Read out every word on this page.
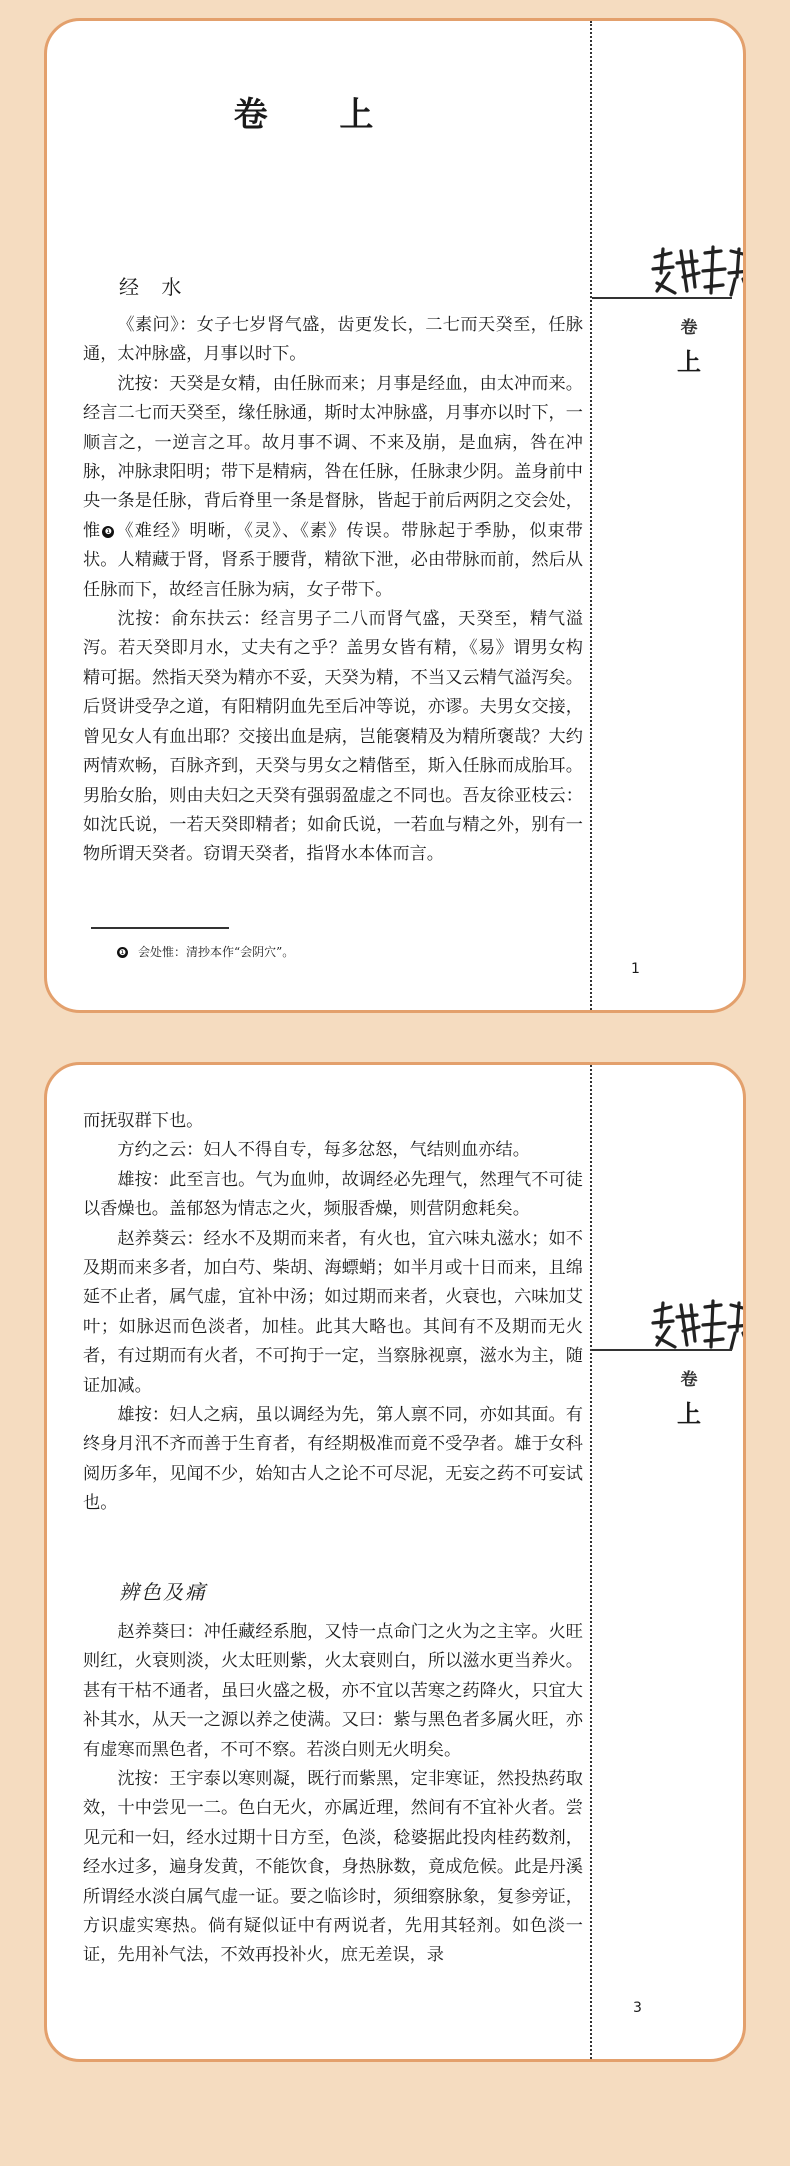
卷
上
卷 上
经 水

《素问》：女子七岁肾气盛，齿更发长，二七而天癸至，任脉通，太冲脉盛，月事以时下。

沈按：天癸是女精，由任脉而来；月事是经血，由太冲而来。经言二七而天癸至，缘任脉通，斯时太冲脉盛，月事亦以时下，一顺言之，一逆言之耳。故月事不调、不来及崩，是血病，咎在冲脉，冲脉隶阳明；带下是精病，咎在任脉，任脉隶少阴。盖身前中央一条是任脉，背后脊里一条是督脉，皆起于前后两阴之交会处，惟 ❶ 《难经》明晰，《灵》、《素》传误。带脉起于季胁，似束带状。人精藏于肾，肾系于腰背，精欲下泄，必由带脉而前，然后从任脉而下，故经言任脉为病，女子带下。

沈按：俞东扶云：经言男子二八而肾气盛，天癸至，精气溢泻。若天癸即月水，丈夫有之乎？盖男女皆有精，《易》谓男女构精可据。然指天癸为精亦不妥，天癸为精，不当又云精气溢泻矣。后贤讲受孕之道，有阳精阴血先至后冲等说，亦谬。夫男女交接，曾见女人有血出耶？交接出血是病，岂能褒精及为精所褒哉？大约两情欢畅，百脉齐到，天癸与男女之精偕至，斯入任脉而成胎耳。男胎女胎，则由夫妇之天癸有强弱盈虚之不同也。吾友徐亚枝云：如沈氏说，一若天癸即精者；如俞氏说，一若血与精之外，别有一物所谓天癸者。窃谓天癸者，指肾水本体而言。

❶ 会处惟：清抄本作“会阴穴”。
1
卷
上

而抚驭群下也。

方约之云：妇人不得自专，每多忿怒，气结则血亦结。

雄按：此至言也。气为血帅，故调经必先理气，然理气不可徒以香燥也。盖郁怒为情志之火，频服香燥，则营阴愈耗矣。

赵养葵云：经水不及期而来者，有火也，宜六味丸滋水；如不及期而来多者，加白芍、柴胡、海螵蛸；如半月或十日而来，且绵延不止者，属气虚，宜补中汤；如过期而来者，火衰也，六味加艾叶；如脉迟而色淡者，加桂。此其大略也。其间有不及期而无火者，有过期而有火者，不可拘于一定，当察脉视禀，滋水为主，随证加减。

雄按：妇人之病，虽以调经为先，第人禀不同，亦如其面。有终身月汛不齐而善于生育者，有经期极准而竟不受孕者。雄于女科阅历多年，见闻不少，始知古人之论不可尽泥，无妄之药不可妄试也。

辨色及痛

赵养葵曰：冲任藏经系胞，又恃一点命门之火为之主宰。火旺则红，火衰则淡，火太旺则紫，火太衰则白，所以滋水更当养火。甚有干枯不通者，虽曰火盛之极，亦不宜以苦寒之药降火，只宜大补其水，从天一之源以养之使满。又曰：紫与黑色者多属火旺，亦有虚寒而黑色者，不可不察。若淡白则无火明矣。

沈按：王宇泰以寒则凝，既行而紫黑，定非寒证，然投热药取效，十中尝见一二。色白无火，亦属近理，然间有不宜补火者。尝见元和一妇，经水过期十日方至，色淡，稔婆据此投肉桂药数剂，经水过多，遍身发黄，不能饮食，身热脉数，竟成危候。此是丹溪所谓经水淡白属气虚一证。要之临诊时，须细察脉象，复参旁证，方识虚实寒热。倘有疑似证中有两说者，先用其轻剂。如色淡一证，先用补气法，不效再投补火，庶无差误，录

3
